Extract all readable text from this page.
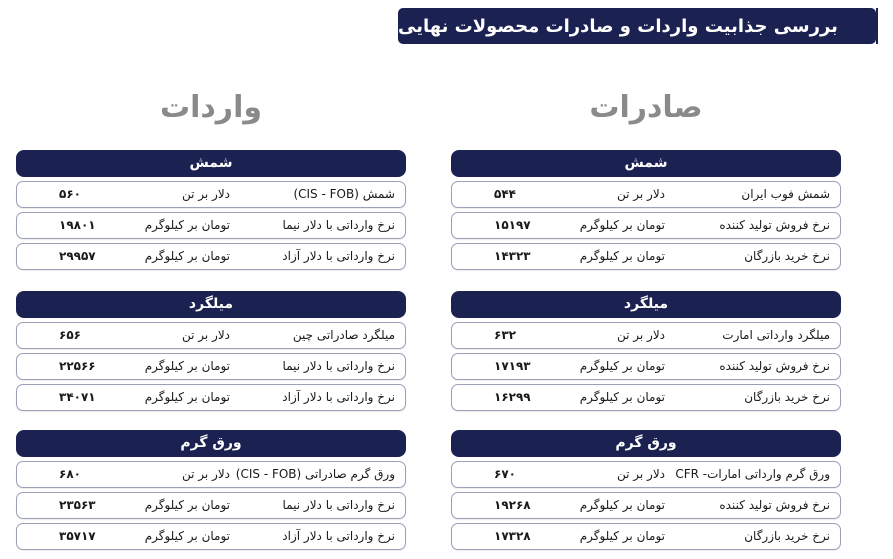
بررسی جذابیت واردات و صادرات محصولات نهایی
واردات	صادرات
شمش
شمش (CIS - FOB)
دلار بر تن
۵۶۰
نرخ وارداتی با دلار نیما
تومان بر کیلوگرم
۱۹۸۰۱
نرخ وارداتی با دلار آزاد
تومان بر کیلوگرم
۲۹۹۵۷
میلگرد
میلگرد صادراتی چین
دلار بر تن
۶۵۶
نرخ وارداتی با دلار نیما
تومان بر کیلوگرم
۲۲۵۶۶
نرخ وارداتی با دلار آزاد
تومان بر کیلوگرم
۳۴۰۷۱
ورق گرم
ورق گرم صادراتی (CIS - FOB)
دلار بر تن
۶۸۰
نرخ وارداتی با دلار نیما
تومان بر کیلوگرم
۲۳۵۶۳
نرخ وارداتی با دلار آزاد
تومان بر کیلوگرم
۳۵۷۱۷
شمش
شمش فوب ایران
دلار بر تن
۵۴۴
نرخ فروش تولید کننده
تومان بر کیلوگرم
۱۵۱۹۷
نرخ خرید بازرگان
تومان بر کیلوگرم
۱۴۳۲۳
میلگرد
میلگرد وارداتی امارت
دلار بر تن
۶۳۲
نرخ فروش تولید کننده
تومان بر کیلوگرم
۱۷۱۹۳
نرخ خرید بازرگان
تومان بر کیلوگرم
۱۶۲۹۹
ورق گرم
ورق گرم وارداتی امارات- CFR
دلار بر تن
۶۷۰
نرخ فروش تولید کننده
تومان بر کیلوگرم
۱۹۲۶۸
نرخ خرید بازرگان
تومان بر کیلوگرم
۱۷۳۲۸
